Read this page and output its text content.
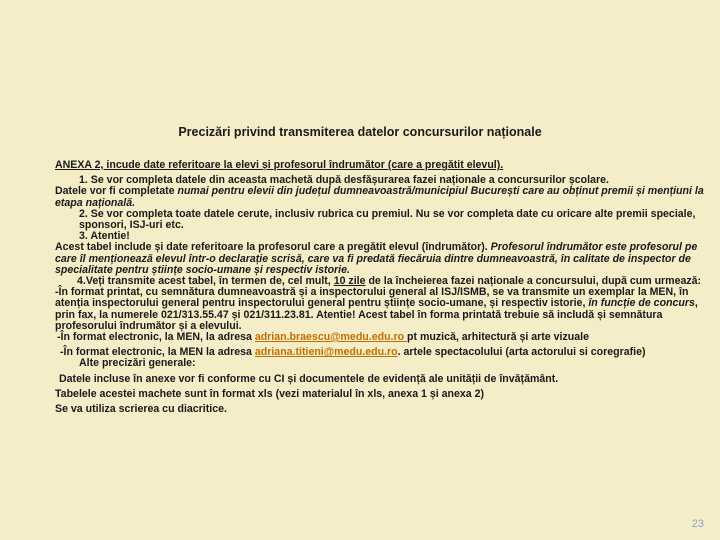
Precizări privind transmiterea datelor concursurilor naționale

ANEXA 2, incude date referitoare la elevi și profesorul îndrumător (care a pregătit elevul).

1. Se vor completa datele din aceasta machetă după desfășurarea fazei naționale a concursurilor școlare.

Datele vor fi completate numai pentru elevii din județul dumneavoastră/municipiul București care au obținut premii și mențiuni la etapa națională.

2. Se vor completa toate datele cerute, inclusiv rubrica cu premiul. Nu se vor completa date cu oricare alte premii speciale, sponsori, ISJ-uri etc.

3. Atentie!

Acest tabel include și date referitoare la profesorul care a pregătit elevul (îndrumător). Profesorul îndrumător este profesorul pe care îl menționează elevul într-o declarație scrisă, care va fi predată fiecăruia dintre dumneavoastră, în calitate de inspector de specialitate pentru științe socio-umane și respectiv istorie.

4.Veți transmite acest tabel, în termen de, cel mult, 10 zile de la încheierea fazei naționale a concursului, după cum urmează:

-În format printat, cu semnătura dumneavoastră și a inspectorului general al ISJ/ISMB, se va transmite un exemplar la MEN, în atenția inspectorului general pentru inspectorului general pentru științe socio-umane, și respectiv istorie, în funcție de concurs, prin fax, la numerele 021/313.55.47 și 021/311.23.81. Atentie! Acest tabel în forma printată trebuie să includă și semnătura profesorului îndrumător și a elevului.

-În format electronic, la MEN, la adresa adrian.braescu@medu.edu.ro pt muzică, arhitectură și arte vizuale

-În format electronic, la MEN la adresa adriana.titieni@medu.edu.ro. artele spectacolului (arta actorului si coregrafie)

Alte precizări generale:

Datele incluse în anexe vor fi conforme cu CI și documentele de evidență ale unității de învățământ.

Tabelele acestei machete sunt în format xls (vezi materialul în xls, anexa 1 și anexa 2)

Se va utiliza scrierea cu diacritice.

23
